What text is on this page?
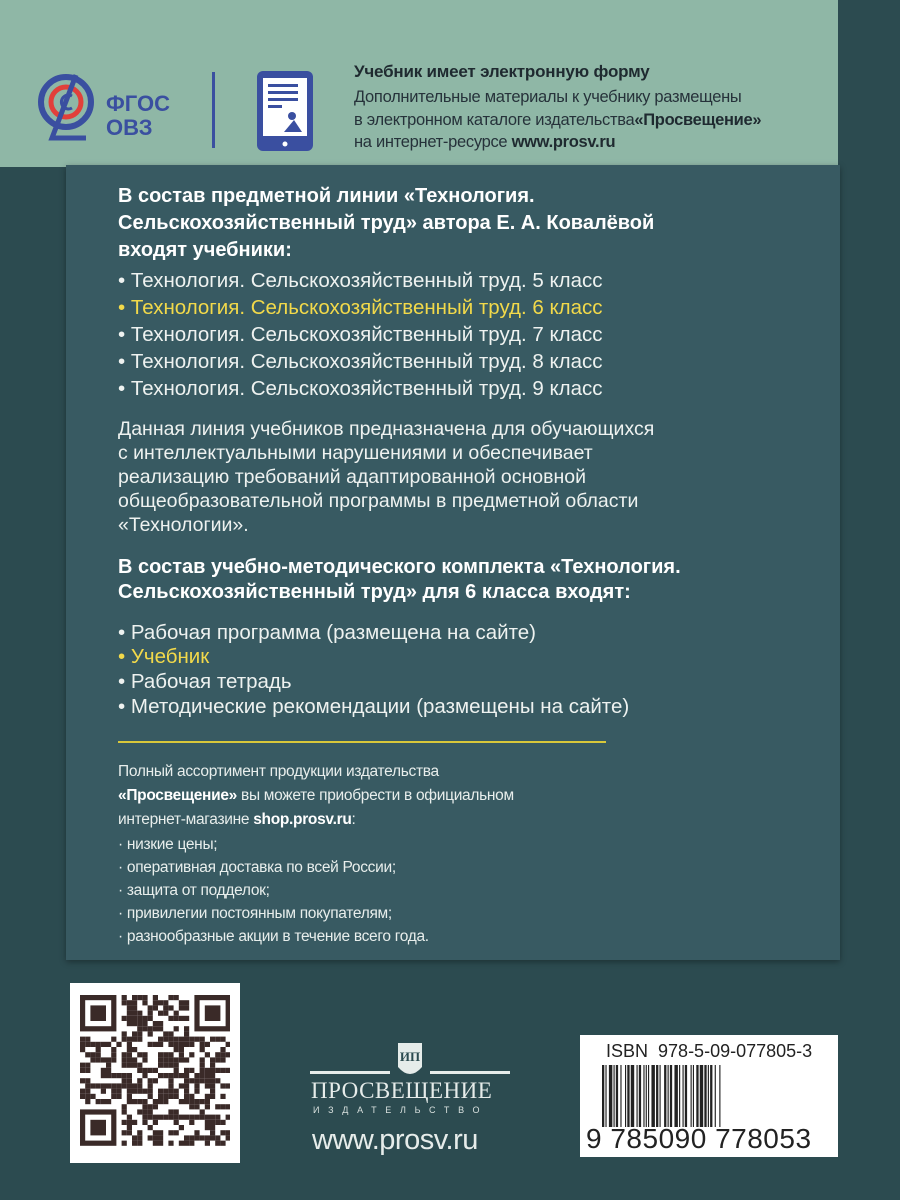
ФГОС
ОВЗ
Учебник имеет электронную форму
Дополнительные материалы к учебнику размещены
в электронном каталоге издательства«Просвещение»
на интернет-ресурсе www.prosv.ru
В состав предметной линии «Технология.
Сельскохозяйственный труд» автора Е. А. Ковалёвой
входят учебники:
• Технология. Сельскохозяйственный труд. 5 класс
• Технология. Сельскохозяйственный труд. 6 класс
• Технология. Сельскохозяйственный труд. 7 класс
• Технология. Сельскохозяйственный труд. 8 класс
• Технология. Сельскохозяйственный труд. 9 класс
Данная линия учебников предназначена для обучающихся
с интеллектуальными нарушениями и обеспечивает
реализацию требований адаптированной основной
общеобразовательной программы в предметной области
«Технологии».
В состав учебно-методического комплекта «Технология.
Сельскохозяйственный труд» для 6 класса входят:
• Рабочая программа (размещена на сайте)
• Учебник
• Рабочая тетрадь
• Методические рекомендации (размещены на сайте)
Полный ассортимент продукции издательства
«Просвещение» вы можете приобрести в официальном
интернет-магазине shop.prosv.ru:
· низкие цены;
· оперативная доставка по всей России;
· защита от подделок;
· привилегии постоянным покупателям;
· разнообразные акции в течение всего года.
ИП
ПРОСВЕЩЕНИЕ
ИЗДАТЕЛЬСТВО
www.prosv.ru
ISBN 978-5-09-077805-3
9 785090 778053
